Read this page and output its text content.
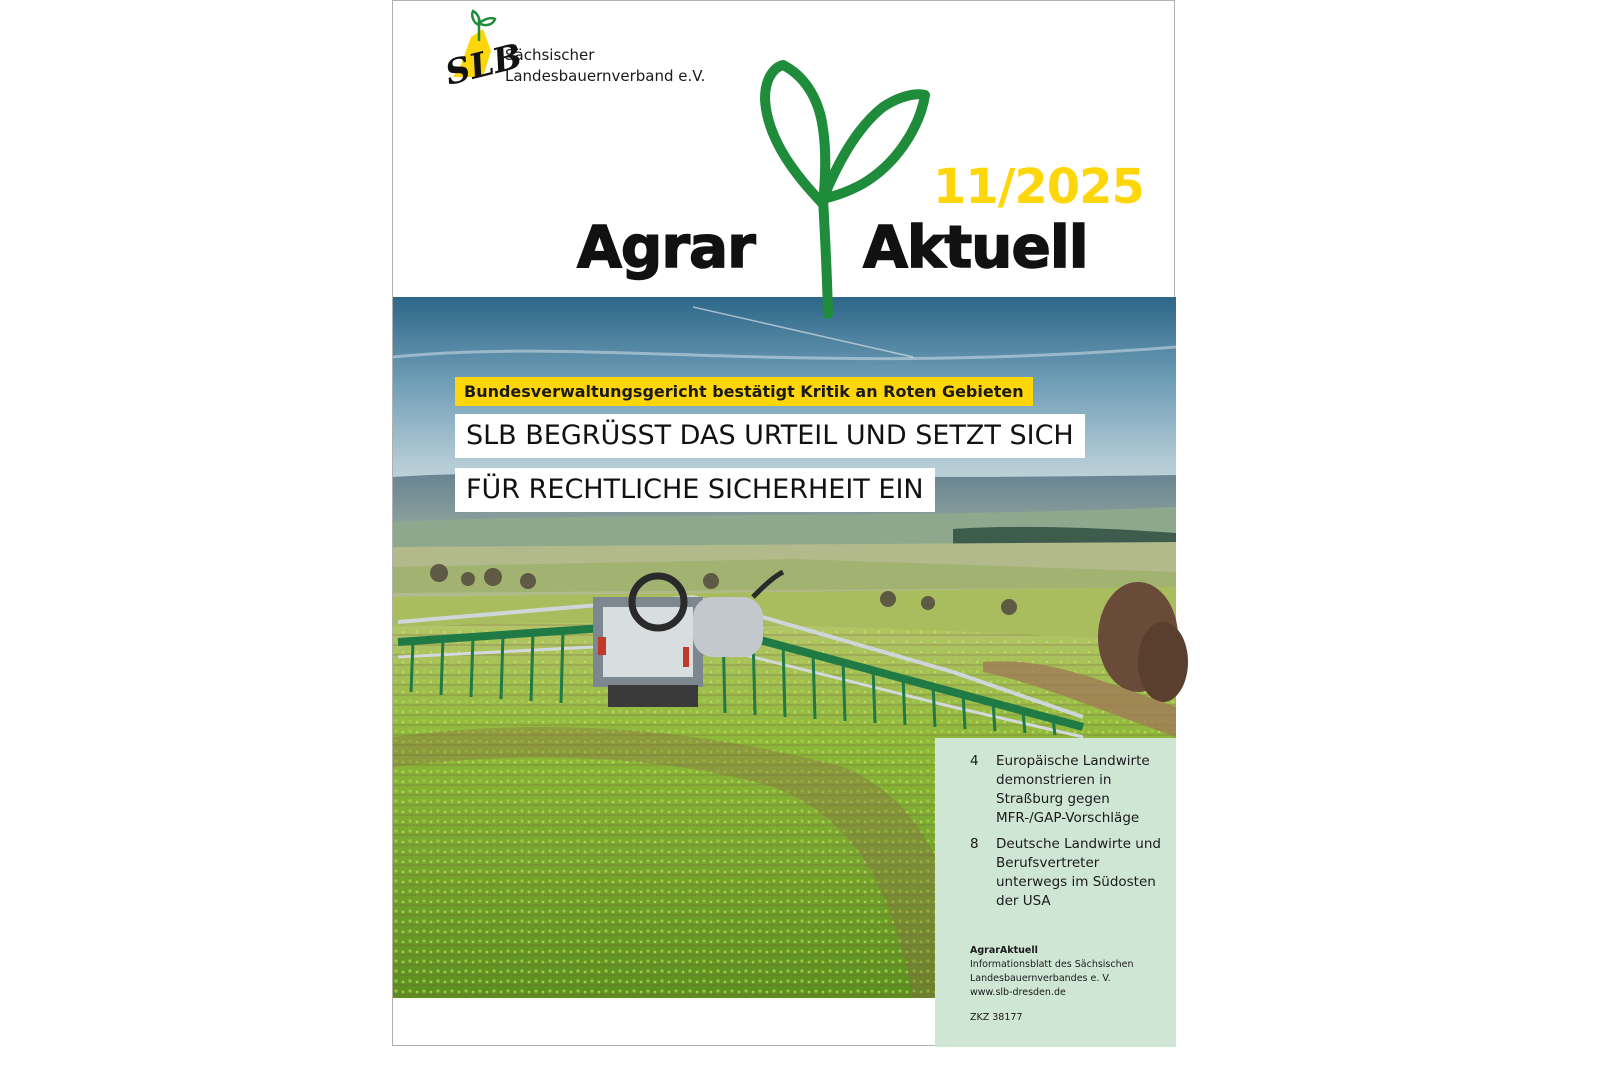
SLB
Sächsischer
Landesbauernverband e.V.
11/2025
Agrar Aktuell
Bundesverwaltungsgericht bestätigt Kritik an Roten Gebieten
SLB BEGRÜSST DAS URTEIL UND SETZT SICH
FÜR RECHTLICHE SICHERHEIT EIN
4 Europäische Landwirte demonstrieren in Straßburg gegen MFR-/GAP-Vorschläge
8 Deutsche Landwirte und Berufsvertreter unterwegs im Südosten der USA
AgrarAktuell
Informationsblatt des Sächsischen
Landesbauernverbandes e. V.
www.slb-dresden.de
ZKZ 38177
